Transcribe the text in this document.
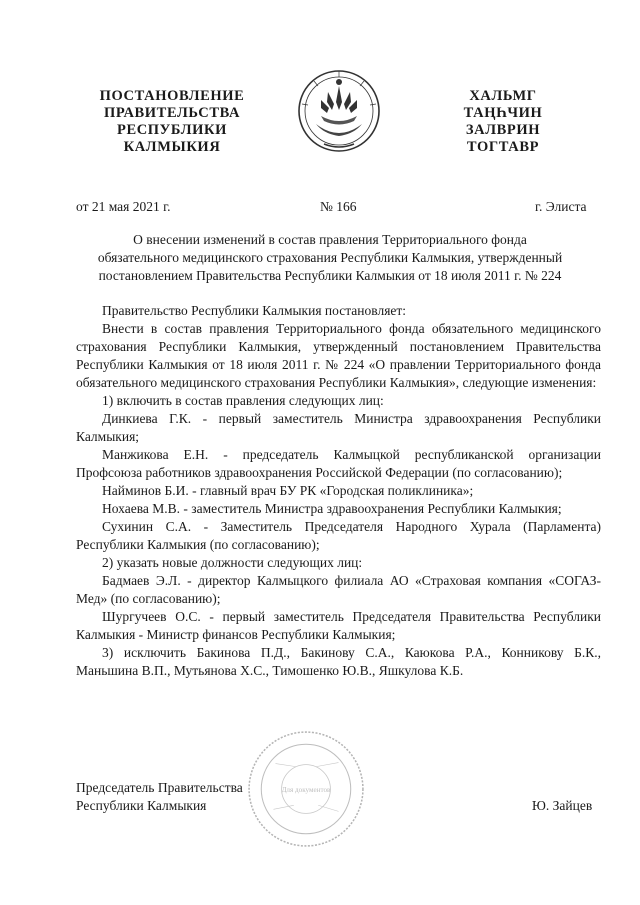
ПОСТАНОВЛЕНИЕ
ПРАВИТЕЛЬСТВА
РЕСПУБЛИКИ
КАЛМЫКИЯ
ХАЛЬМГ
ТАҢҺЧИН
ЗАЛВРИН
ТОГТАВР
от 21 мая 2021 г.	№ 166	г. Элиста
О внесении изменений в состав правления Территориального фонда
обязательного медицинского страхования Республики Калмыкия, утвержденный
постановлением Правительства Республики Калмыкия от 18 июля 2011 г. № 224

Правительство Республики Калмыкия постановляет:

Внести в состав правления Территориального фонда обязательного медицинского страхования Республики Калмыкия, утвержденный постановлением Правительства Республики Калмыкия от 18 июля 2011 г. № 224 «О правлении Территориального фонда обязательного медицинского страхования Республики Калмыкия», следующие изменения:

1) включить в состав правления следующих лиц:

Динкиева Г.К. - первый заместитель Министра здравоохранения Республики Калмыкия;

Манжикова Е.Н. - председатель Калмыцкой республиканской организации Профсоюза работников здравоохранения Российской Федерации (по согласованию);

Найминов Б.И. - главный врач БУ РК «Городская поликлиника»;

Нохаева М.В. - заместитель Министра здравоохранения Республики Калмыкия;

Сухинин С.А. - Заместитель Председателя Народного Хурала (Парламента) Республики Калмыкия (по согласованию);

2) указать новые должности следующих лиц:

Бадмаев Э.Л. - директор Калмыцкого филиала АО «Страховая компания «СОГАЗ-Мед» (по согласованию);

Шургучеев О.С. - первый заместитель Председателя Правительства Республики Калмыкия - Министр финансов Республики Калмыкия;

3) исключить Бакинова П.Д., Бакинову С.А., Каюкова Р.А., Конникову Б.К., Маньшина В.П., Мутьянова Х.С., Тимошенко Ю.В., Яшкулова К.Б.

Для документов
Председатель Правительства
Республики Калмыкия	Ю. Зайцев
